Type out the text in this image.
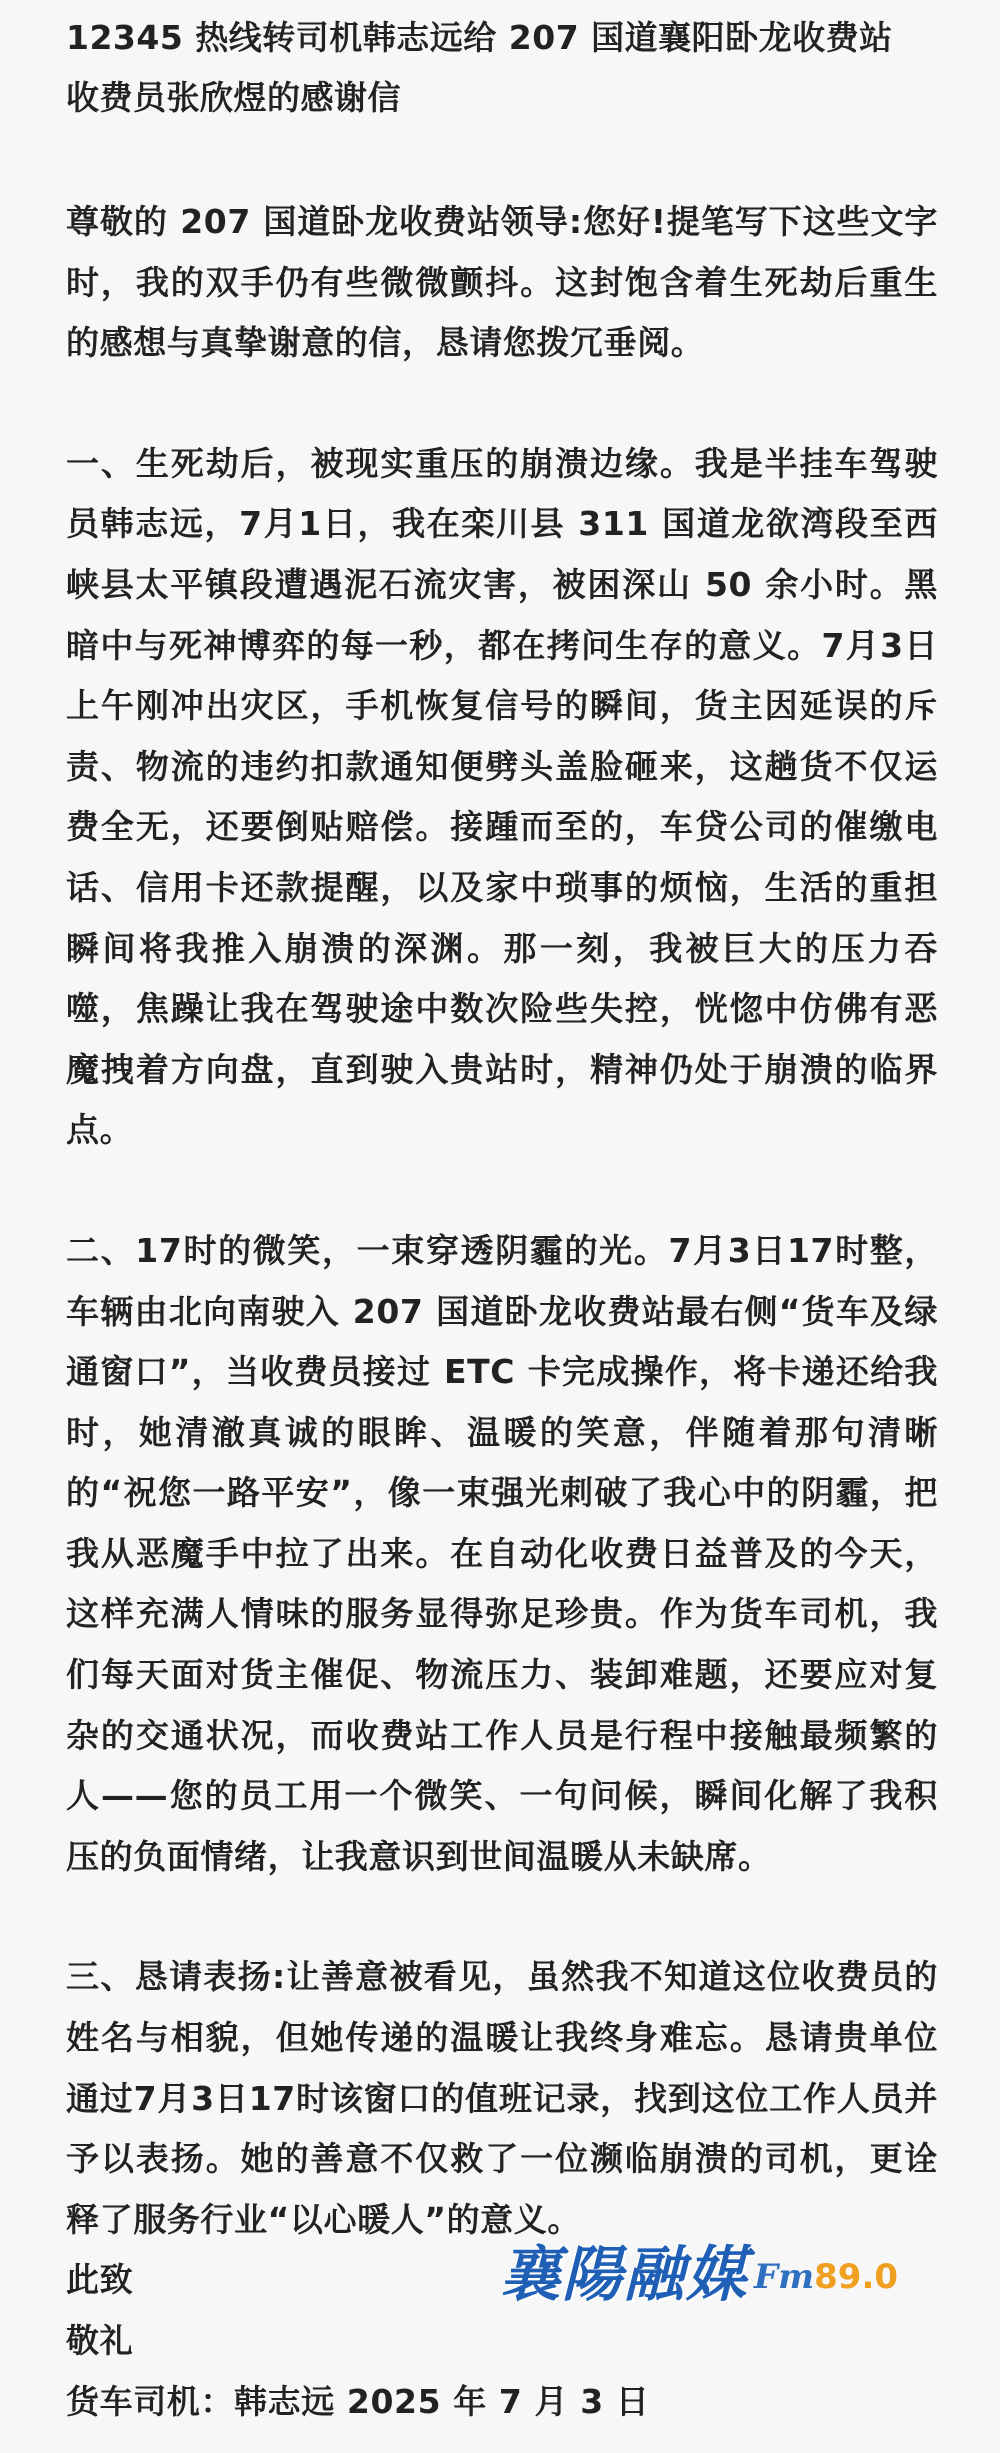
12345 热线转司机韩志远给 207 国道襄阳卧龙收费站

收费员张欣煜的感谢信

尊敬的 207 国道卧龙收费站领导:您好!提笔写下这些文字时，我的双手仍有些微微颤抖。这封饱含着生死劫后重生的感想与真挚谢意的信，恳请您拨冗垂阅。

一、生死劫后，被现实重压的崩溃边缘。我是半挂车驾驶员韩志远，7月1日，我在栾川县 311 国道龙欲湾段至西峡县太平镇段遭遇泥石流灾害，被困深山 50 余小时。黑暗中与死神博弈的每一秒，都在拷问生存的意义。7月3日上午刚冲出灾区，手机恢复信号的瞬间，货主因延误的斥责、物流的违约扣款通知便劈头盖脸砸来，这趟货不仅运费全无，还要倒贴赔偿。接踵而至的，车贷公司的催缴电话、信用卡还款提醒，以及家中琐事的烦恼，生活的重担瞬间将我推入崩溃的深渊。那一刻，我被巨大的压力吞噬，焦躁让我在驾驶途中数次险些失控，恍惚中仿佛有恶魔拽着方向盘，直到驶入贵站时，精神仍处于崩溃的临界点。

二、17时的微笑，一束穿透阴霾的光。7月3日17时整，车辆由北向南驶入 207 国道卧龙收费站最右侧“货车及绿通窗口”，当收费员接过 ETC 卡完成操作，将卡递还给我时，她清澈真诚的眼眸、温暖的笑意，伴随着那句清晰的“祝您一路平安”，像一束强光刺破了我心中的阴霾，把我从恶魔手中拉了出来。在自动化收费日益普及的今天，这样充满人情味的服务显得弥足珍贵。作为货车司机，我们每天面对货主催促、物流压力、装卸难题，还要应对复杂的交通状况，而收费站工作人员是行程中接触最频繁的人——您的员工用一个微笑、一句问候，瞬间化解了我积压的负面情绪，让我意识到世间温暖从未缺席。

三、恳请表扬:让善意被看见，虽然我不知道这位收费员的姓名与相貌，但她传递的温暖让我终身难忘。恳请贵单位通过7月3日17时该窗口的值班记录，找到这位工作人员并予以表扬。她的善意不仅救了一位濒临崩溃的司机，更诠释了服务行业“以心暖人”的意义。

此致

敬礼

货车司机：韩志远 2025 年 7 月 3 日

襄陽融媒 Fm 89.0
